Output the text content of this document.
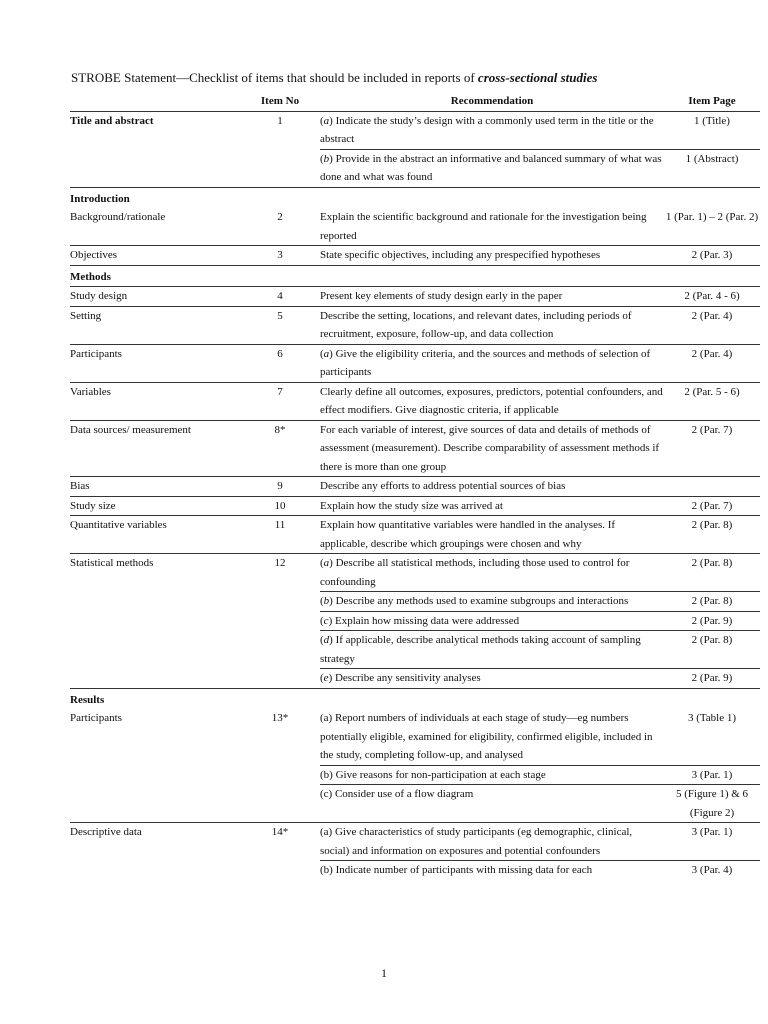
STROBE Statement—Checklist of items that should be included in reports of cross-sectional studies
	Item No	Recommendation	Item Page
Title and abstract	1	(a) Indicate the study’s design with a commonly used term in the title or the abstract	1 (Title)
		(b) Provide in the abstract an informative and balanced summary of what was done and what was found	1 (Abstract)
Introduction			
Background/rationale	2	Explain the scientific background and rationale for the investigation being reported	1 (Par. 1) – 2 (Par. 2)
Objectives	3	State specific objectives, including any prespecified hypotheses	2 (Par. 3)
Methods			
Study design	4	Present key elements of study design early in the paper	2 (Par. 4 - 6)
Setting	5	Describe the setting, locations, and relevant dates, including periods of recruitment, exposure, follow-up, and data collection	2 (Par. 4)
Participants	6	(a) Give the eligibility criteria, and the sources and methods of selection of participants	2 (Par. 4)
Variables	7	Clearly define all outcomes, exposures, predictors, potential confounders, and effect modifiers. Give diagnostic criteria, if applicable	2 (Par. 5 - 6)
Data sources/ measurement	8*	For each variable of interest, give sources of data and details of methods of assessment (measurement). Describe comparability of assessment methods if there is more than one group	2 (Par. 7)
Bias	9	Describe any efforts to address potential sources of bias	
Study size	10	Explain how the study size was arrived at	2 (Par. 7)
Quantitative variables	11	Explain how quantitative variables were handled in the analyses. If applicable, describe which groupings were chosen and why	2 (Par. 8)
Statistical methods	12	(a) Describe all statistical methods, including those used to control for confounding	2 (Par. 8)
		(b) Describe any methods used to examine subgroups and interactions	2 (Par. 8)
		(c) Explain how missing data were addressed	2 (Par. 9)
		(d) If applicable, describe analytical methods taking account of sampling strategy	2 (Par. 8)
		(e) Describe any sensitivity analyses	2 (Par. 9)
Results			
Participants	13*	(a) Report numbers of individuals at each stage of study—eg numbers potentially eligible, examined for eligibility, confirmed eligible, included in the study, completing follow-up, and analysed	3 (Table 1)
		(b) Give reasons for non-participation at each stage	3 (Par. 1)
		(c) Consider use of a flow diagram	5 (Figure 1) & 6 (Figure 2)
Descriptive data	14*	(a) Give characteristics of study participants (eg demographic, clinical, social) and information on exposures and potential confounders	3 (Par. 1)
		(b) Indicate number of participants with missing data for each	3 (Par. 4)
1
